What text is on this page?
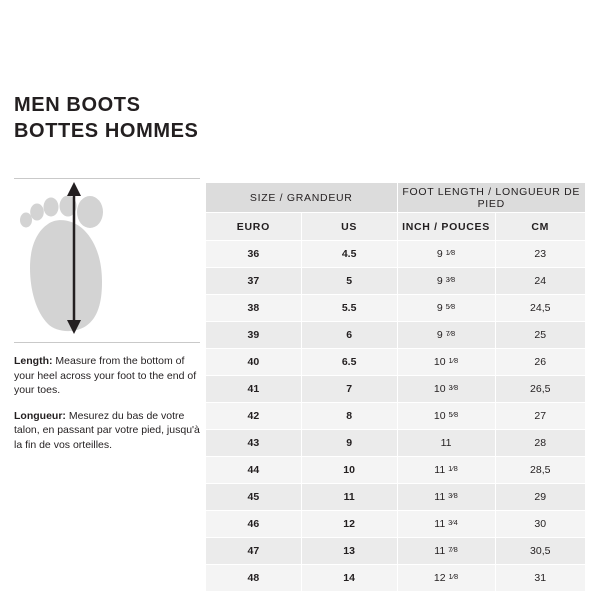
MEN BOOTS
BOTTES HOMMES

Length: Measure from the bottom of your heel across your foot to the end of your toes.

Longueur: Mesurez du bas de votre talon, en passant par votre pied, jusqu'à la fin de vos orteilles.

SIZE / GRANDEUR		FOOT LENGTH / LONGUEUR DE PIED	
EURO	US	INCH / POUCES	CM
36	4.5	9 1⁄8	23
37	5	9 3⁄8	24
38	5.5	9 5⁄8	24,5
39	6	9 7⁄8	25
40	6.5	10 1⁄8	26
41	7	10 3⁄8	26,5
42	8	10 5⁄8	27
43	9	11	28
44	10	11 1⁄8	28,5
45	11	11 3⁄8	29
46	12	11 3⁄4	30
47	13	11 7⁄8	30,5
48	14	12 1⁄8	31
